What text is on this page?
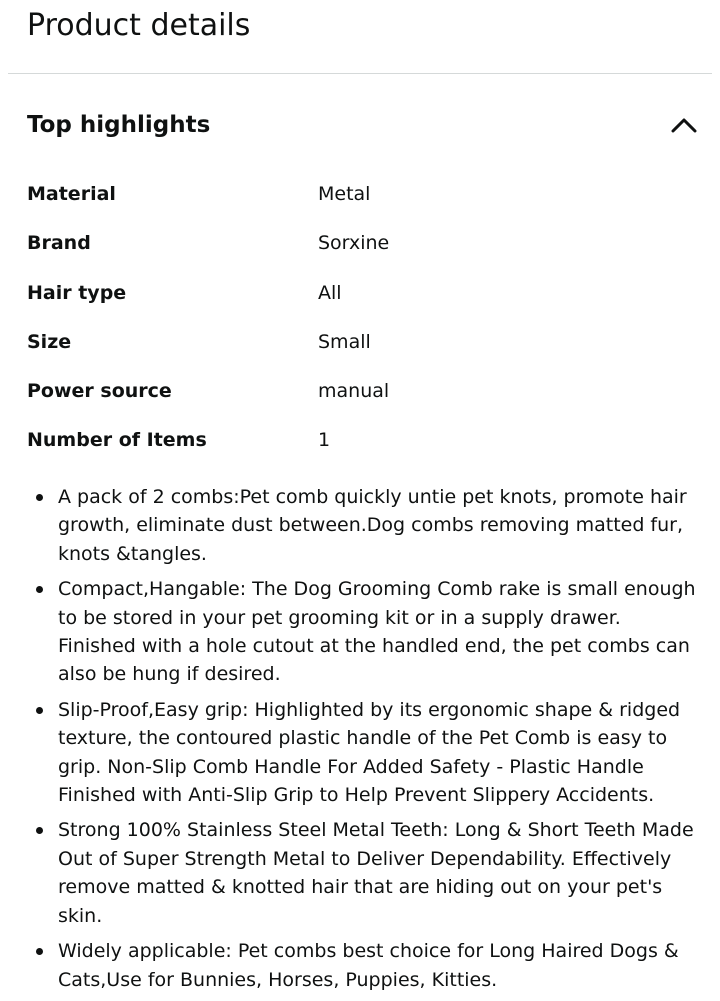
Product details
Top highlights
Material	Metal
Brand	Sorxine
Hair type	All
Size	Small
Power source	manual
Number of Items	1
A pack of 2 combs:Pet comb quickly untie pet knots, promote hair growth, eliminate dust between.Dog combs removing matted fur, knots &tangles.
Compact,Hangable: The Dog Grooming Comb rake is small enough to be stored in your pet grooming kit or in a supply drawer. Finished with a hole cutout at the handled end, the pet combs can also be hung if desired.
Slip-Proof,Easy grip: Highlighted by its ergonomic shape & ridged texture, the contoured plastic handle of the Pet Comb is easy to grip. Non-Slip Comb Handle For Added Safety - Plastic Handle Finished with Anti-Slip Grip to Help Prevent Slippery Accidents.
Strong 100% Stainless Steel Metal Teeth: Long & Short Teeth Made Out of Super Strength Metal to Deliver Dependability. Effectively remove matted & knotted hair that are hiding out on your pet's skin.
Widely applicable: Pet combs best choice for Long Haired Dogs & Cats,Use for Bunnies, Horses, Puppies, Kitties.
